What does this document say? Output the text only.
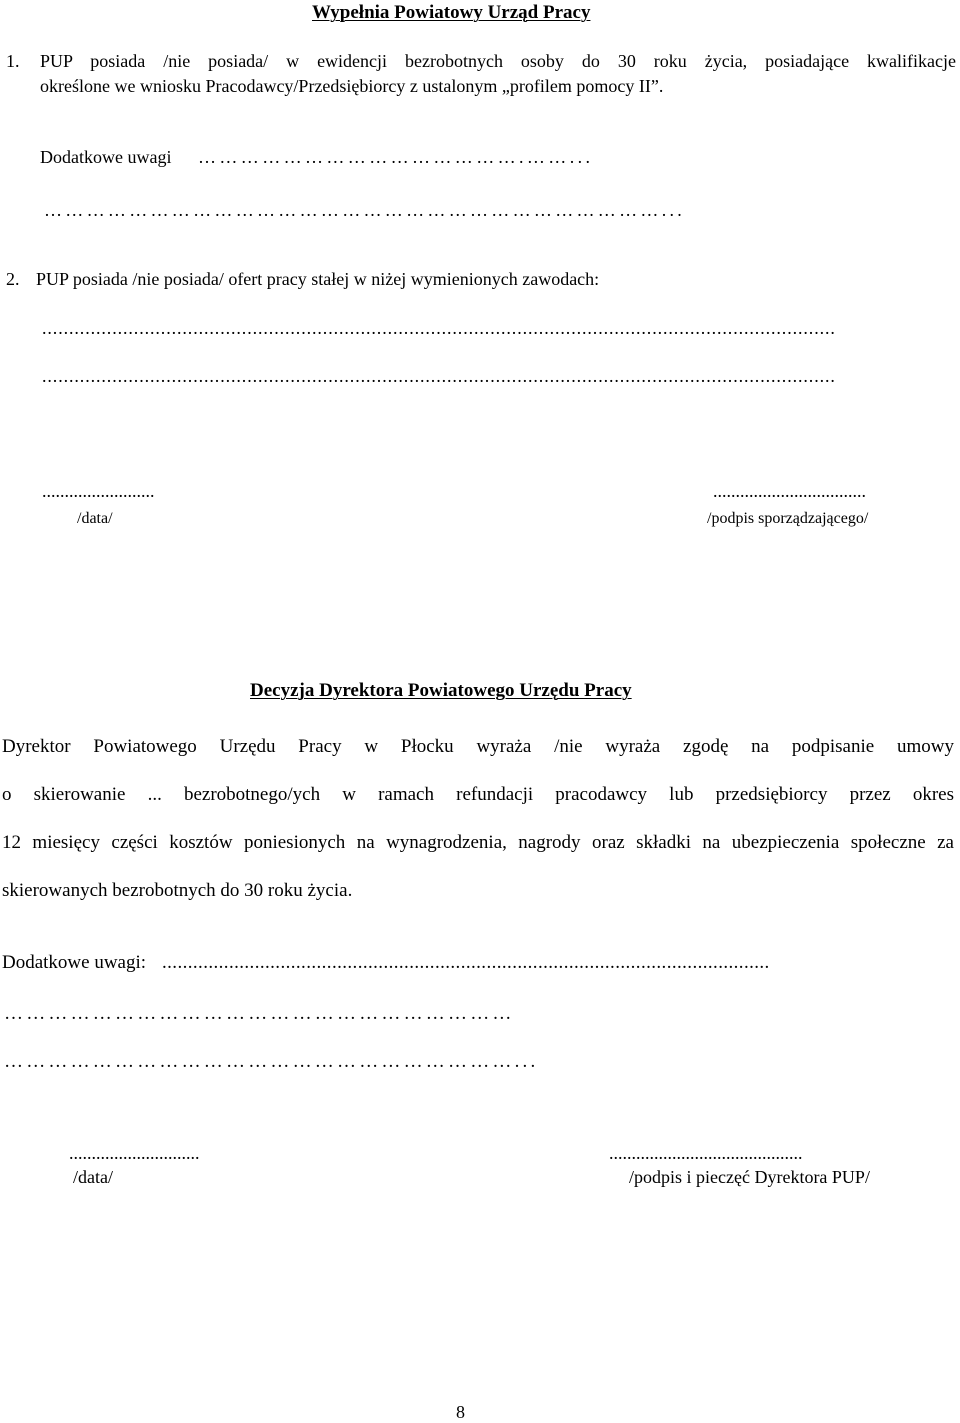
Wypełnia Powiatowy Urząd Pracy
1. PUP posiada /nie posiada/ w ewidencji bezrobotnych osoby do 30 roku życia, posiadające kwalifikacje
określone we wniosku Pracodawcy/Przedsiębiorcy z ustalonym „profilem pomocy II”.
Dodatkowe uwagi ……………………………………….……...
……………………………………………………………………………...
2. PUP posiada /nie posiada/ ofert pracy stałej w niżej wymienionych zawodach:
...................................................................................................................................................
...................................................................................................................................................
.........................	..................................
/data/	/podpis sporządzającego/
Decyzja Dyrektora Powiatowego Urzędu Pracy
Dyrektor Powiatowego Urzędu Pracy w Płocku wyraża /nie wyraża zgodę na podpisanie umowy
o skierowanie ... bezrobotnego/ych w ramach refundacji pracodawcy lub przedsiębiorcy przez okres
12 miesięcy części kosztów poniesionych na wynagrodzenia, nagrody oraz składki na ubezpieczenia społeczne za
skierowanych bezrobotnych do 30 roku życia.
Dodatkowe uwagi: ......................................................................................................................
……………………………………………………………
……………………………………………………………...
.............................	...........................................
/data/	/podpis i pieczęć Dyrektora PUP/
8
